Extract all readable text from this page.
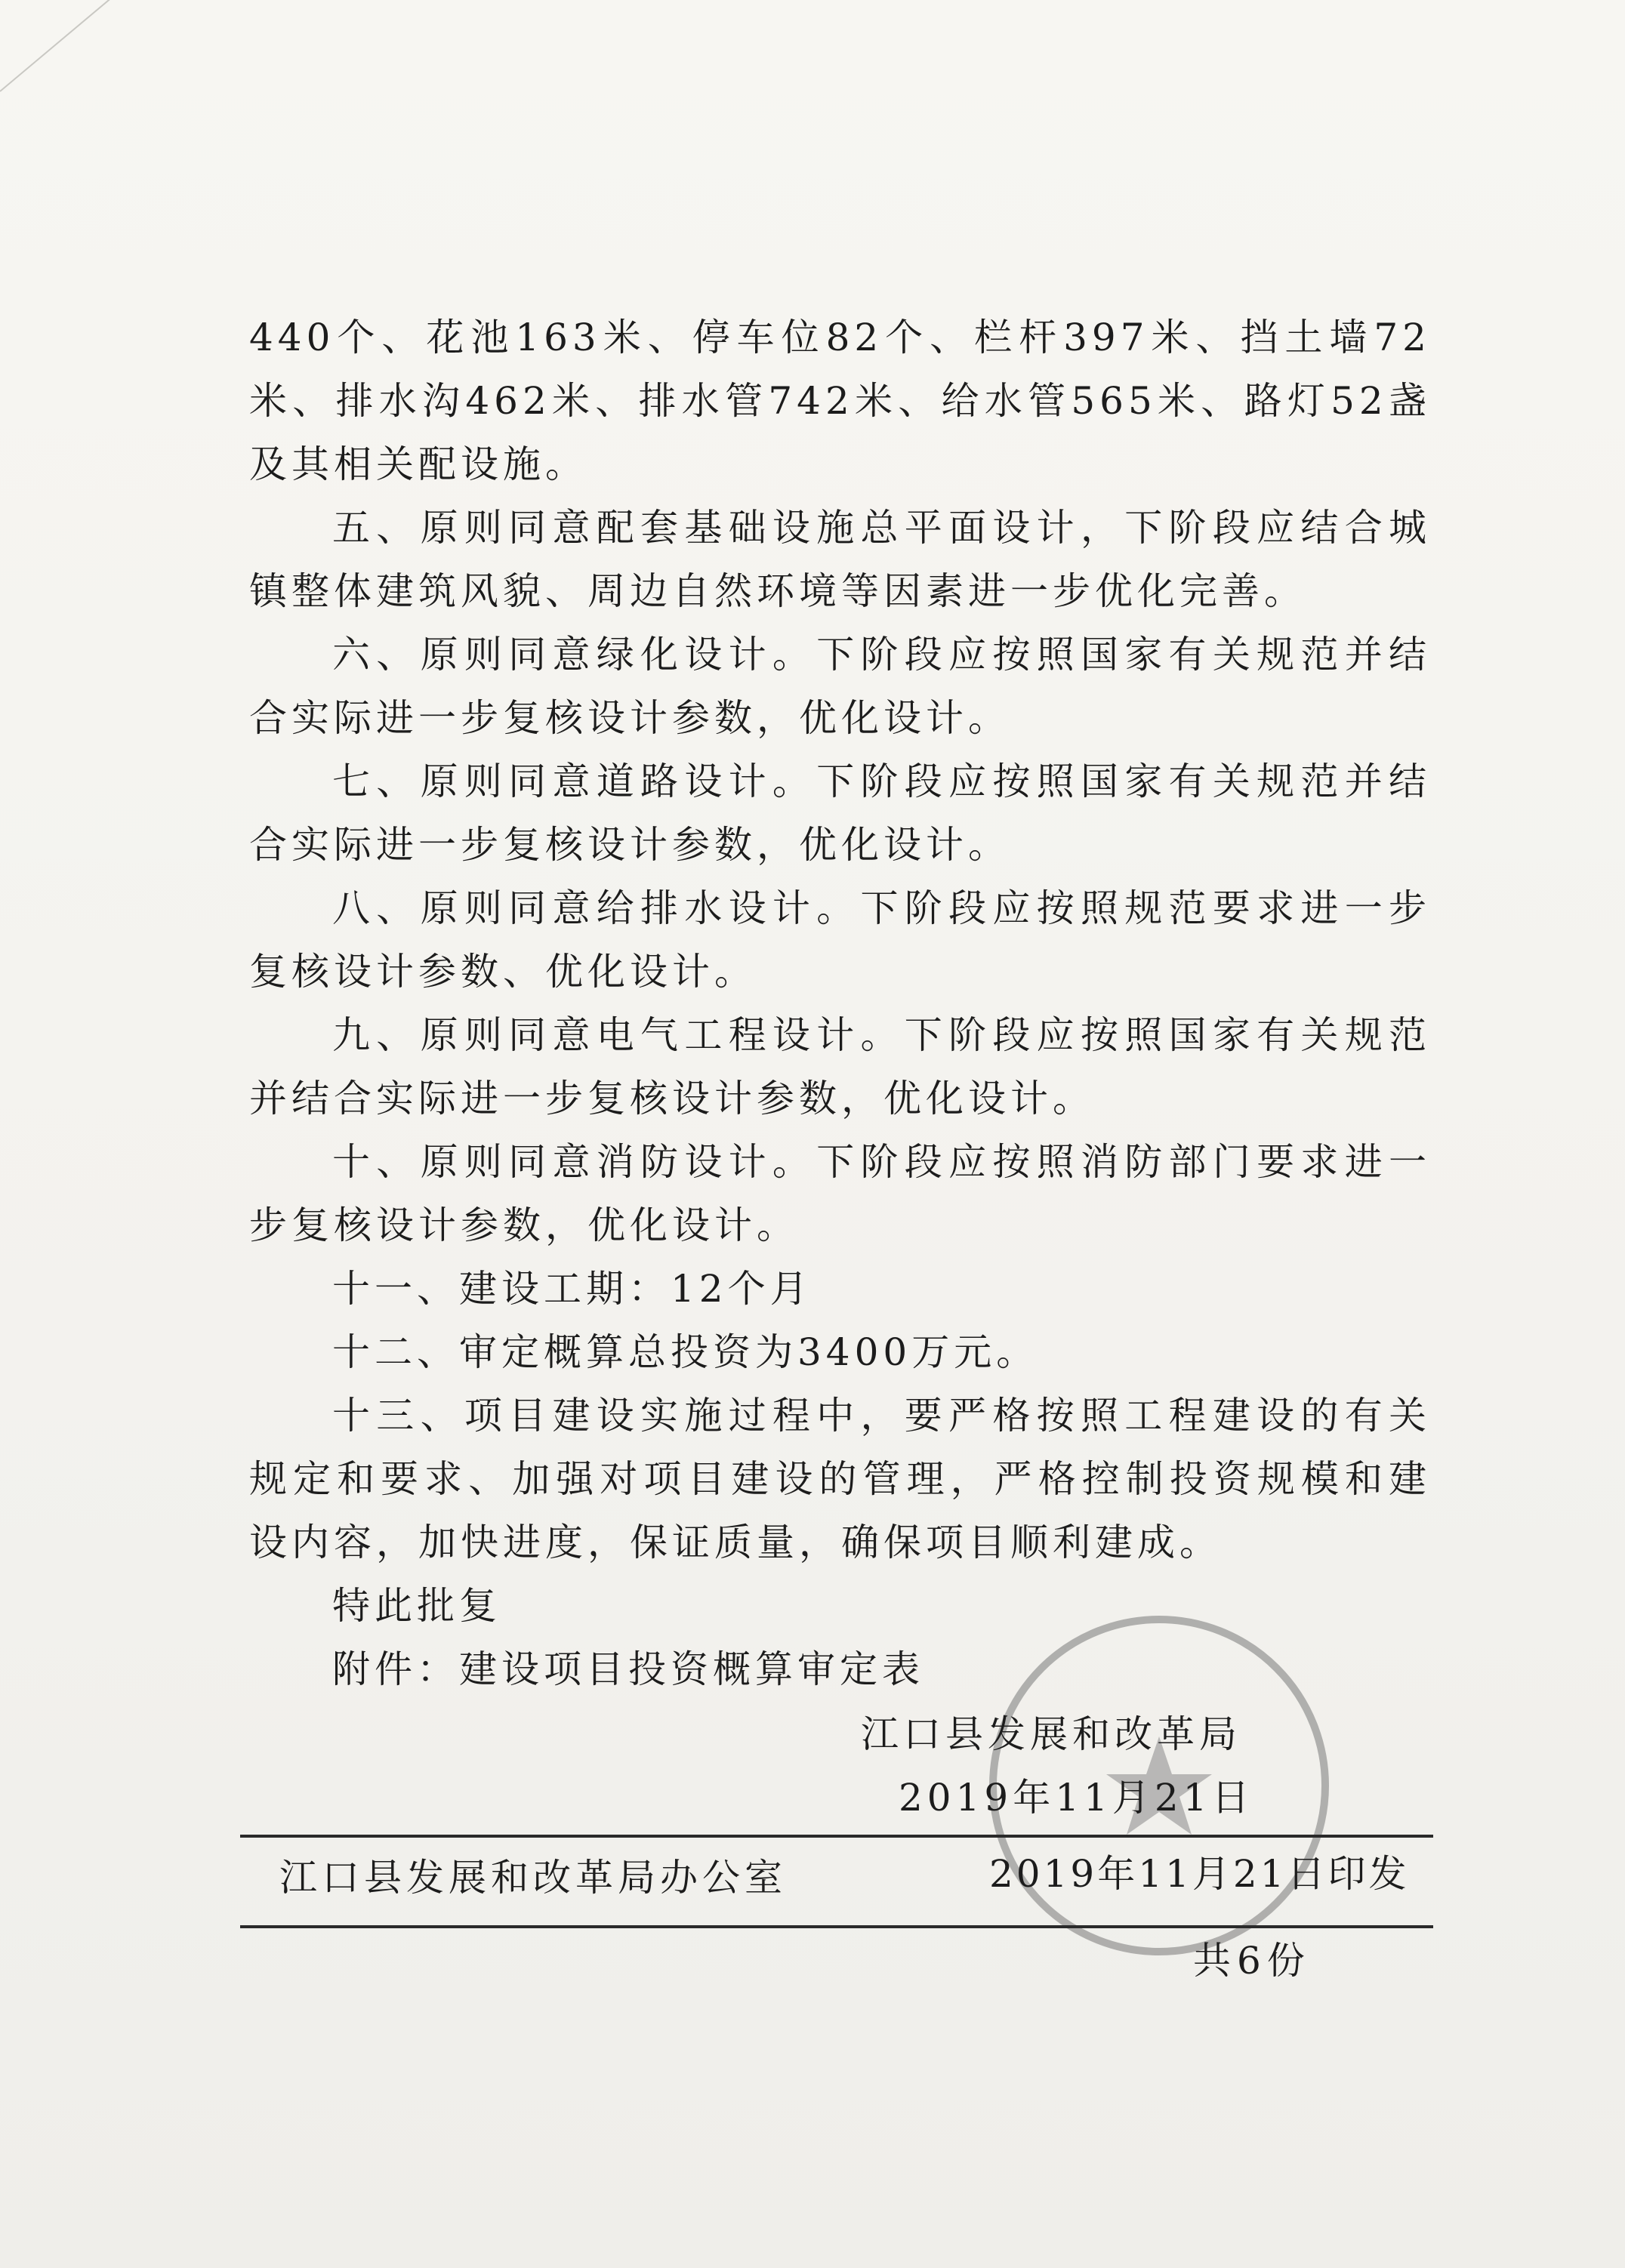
440个、花池163米、停车位82个、栏杆397米、挡土墙72米、排水沟462米、排水管742米、给水管565米、路灯52盏及其相关配设施。

五、原则同意配套基础设施总平面设计，下阶段应结合城镇整体建筑风貌、周边自然环境等因素进一步优化完善。

六、原则同意绿化设计。下阶段应按照国家有关规范并结合实际进一步复核设计参数，优化设计。

七、原则同意道路设计。下阶段应按照国家有关规范并结合实际进一步复核设计参数，优化设计。

八、原则同意给排水设计。下阶段应按照规范要求进一步复核设计参数、优化设计。

九、原则同意电气工程设计。下阶段应按照国家有关规范并结合实际进一步复核设计参数，优化设计。

十、原则同意消防设计。下阶段应按照消防部门要求进一步复核设计参数，优化设计。

十一、建设工期：12个月

十二、审定概算总投资为3400万元。

十三、项目建设实施过程中，要严格按照工程建设的有关规定和要求、加强对项目建设的管理，严格控制投资规模和建设内容，加快进度，保证质量，确保项目顺利建成。

特此批复

附件：建设项目投资概算审定表

江口县发展和改革局
2019年11月21日
江口县发展和改革局办公室	2019年11月21日印发
共6份
